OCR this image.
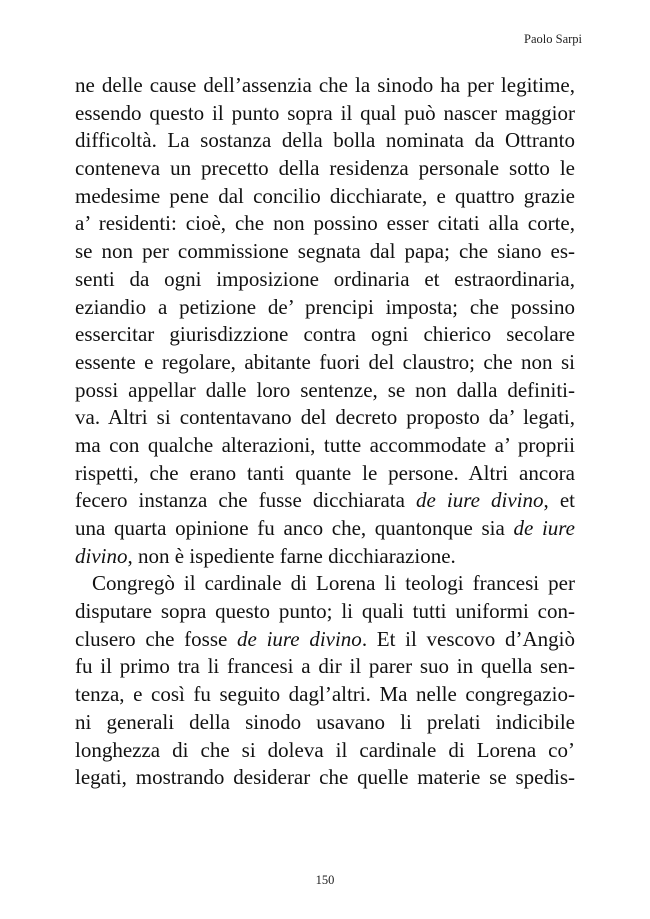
Paolo Sarpi
ne delle cause dell’assenzia che la sinodo ha per legitime,
essendo questo il punto sopra il qual può nascer maggior
difficoltà. La sostanza della bolla nominata da Ottranto
conteneva un precetto della residenza personale sotto le
medesime pene dal concilio dicchiarate, e quattro grazie
a’ residenti: cioè, che non possino esser citati alla corte,
se non per commissione segnata dal papa; che siano es-
senti da ogni imposizione ordinaria et estraordinaria,
eziandio a petizione de’ prencipi imposta; che possino
essercitar giurisdizzione contra ogni chierico secolare
essente e regolare, abitante fuori del claustro; che non si
possi appellar dalle loro sentenze, se non dalla definiti-
va. Altri si contentavano del decreto proposto da’ legati,
ma con qualche alterazioni, tutte accommodate a’ proprii
rispetti, che erano tanti quante le persone. Altri ancora
fecero instanza che fusse dicchiarata de iure divino, et
una quarta opinione fu anco che, quantonque sia de iure
divino, non è ispediente farne dicchiarazione.
Congregò il cardinale di Lorena li teologi francesi per
disputare sopra questo punto; li quali tutti uniformi con-
clusero che fosse de iure divino. Et il vescovo d’Angiò
fu il primo tra li francesi a dir il parer suo in quella sen-
tenza, e così fu seguito dagl’altri. Ma nelle congregazio-
ni generali della sinodo usavano li prelati indicibile
longhezza di che si doleva il cardinale di Lorena co’
legati, mostrando desiderar che quelle materie se spedis-
150
